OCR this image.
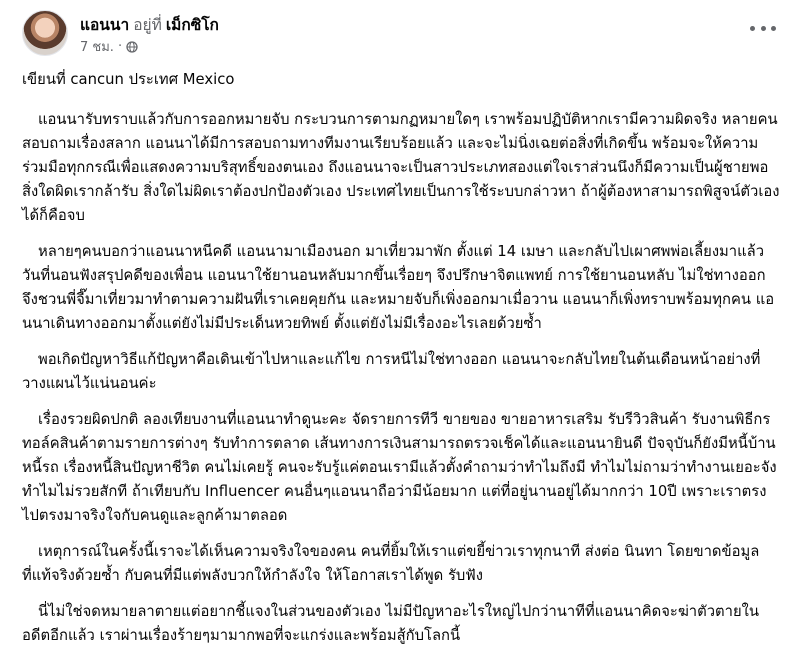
แอนนา อยู่ที่ เม็กซิโก
7 ชม. ·

เขียนที่ cancun ประเทศ Mexico

แอนนารับทราบแล้วกับการออกหมายจับ กระบวนการตามกฏหมายใดๆ เราพร้อมปฏิบัติหากเรามีความผิดจริง หลายคนสอบถามเรื่องสลาก แอนนาได้มีการสอบถามทางทีมงานเรียบร้อยแล้ว และจะไม่นิ่งเฉยต่อสิ่งที่เกิดขึ้น พร้อมจะให้ความร่วมมือทุกกรณีเพื่อแสดงความบริสุทธิ์ของตนเอง ถึงแอนนาจะเป็นสาวประเภทสองแต่ใจเราส่วนนึงก็มีความเป็นผู้ชายพอ สิ่งใดผิดเรากล้ารับ สิ่งใดไม่ผิดเราต้องปกป้องตัวเอง ประเทศไทยเป็นการใช้ระบบกล่าวหา ถ้าผู้ต้องหาสามารถพิสูจน์ตัวเองได้ก็คือจบ

หลายๆคนบอกว่าแอนนาหนีคดี แอนนามาเมืองนอก มาเที่ยวมาพัก ตั้งแต่ 14 เมษา และกลับไปเผาศพพ่อเลี้ยงมาแล้ว วันที่นอนฟังสรุปคดีของเพื่อน แอนนาใช้ยานอนหลับมากขึ้นเรื่อยๆ จึงปรึกษาจิตแพทย์ การใช้ยานอนหลับ ไม่ใช่ทางออก จึงชวนพี่จี๊มาเที่ยวมาทำตามความฝันที่เราเคยคุยกัน และหมายจับก็เพิ่งออกมาเมื่อวาน แอนนาก็เพิ่งทราบพร้อมทุกคน แอนนาเดินทางออกมาตั้งแต่ยังไม่มีประเด็นหวยทิพย์ ตั้งแต่ยังไม่มีเรื่องอะไรเลยด้วยซ้ำ

พอเกิดปัญหาวิธีแก้ปัญหาคือเดินเข้าไปหาและแก้ไข การหนีไม่ใช่ทางออก แอนนาจะกลับไทยในต้นเดือนหน้าอย่างที่วางแผนไว้แน่นอนค่ะ

เรื่องรวยผิดปกติ ลองเทียบงานที่แอนนาทำดูนะคะ จัดรายการทีวี ขายของ ขายอาหารเสริม รับรีวิวสินค้า รับงานพิธีกรทอล์คสินค้าตามรายการต่างๆ รับทำการตลาด เส้นทางการเงินสามารถตรวจเช็คได้และแอนนายินดี ปัจจุบันก็ยังมีหนี้บ้าน หนี้รถ เรื่องหนี้สินปัญหาชีวิต คนไม่เคยรู้ คนจะรับรู้แค่ตอนเรามีแล้วตั้งคำถามว่าทำไมถึงมี ทำไมไม่ถามว่าทำงานเยอะจังทำไมไม่รวยสักที ถ้าเทียบกับ Influencer คนอื่นๆแอนนาถือว่ามีน้อยมาก แต่ที่อยู่นานอยู่ได้มากกว่า 10ปี เพราะเราตรงไปตรงมาจริงใจกับคนดูและลูกค้ามาตลอด

เหตุการณ์ในครั้งนี้เราจะได้เห็นความจริงใจของคน คนที่ยิ้มให้เราแต่ขยี้ข่าวเราทุกนาที ส่งต่อ นินทา โดยขาดข้อมูลที่แท้จริงด้วยซ้ำ กับคนที่มีแต่พลังบวกให้กำลังใจ ให้โอกาสเราได้พูด รับฟัง

นี่ไม่ใช่จดหมายลาตายแต่อยากชี้แจงในส่วนของตัวเอง ไม่มีปัญหาอะไรใหญ่ไปกว่านาทีที่แอนนาคิดจะฆ่าตัวตายในอดีตอีกแล้ว เราผ่านเรื่องร้ายๆมามากพอที่จะแกร่งและพร้อมสู้กับโลกนี้
